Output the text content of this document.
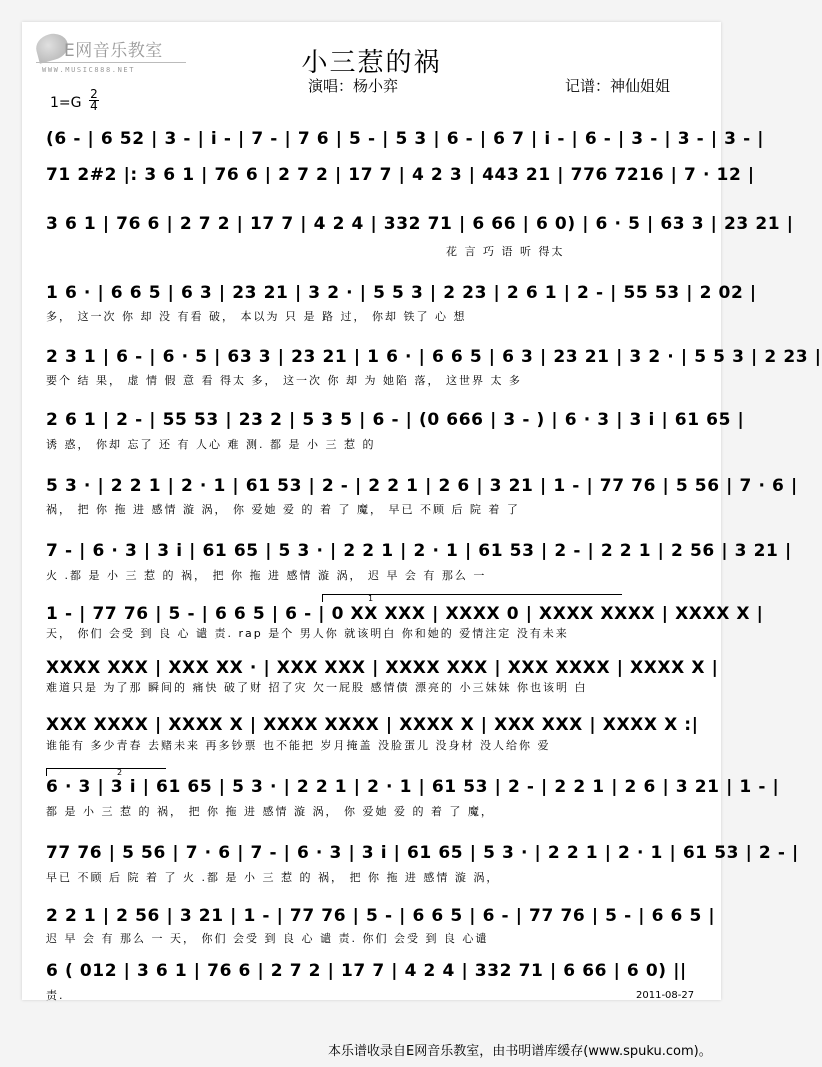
E网音乐教室
WWW.MUSIC888.NET	小三惹的祸
演唱：杨小弈	记谱：神仙姐姐
1=G
2
4
(6 - | 6 52 | 3 - | i - | 7 - | 7 6 | 5 - | 5 3 | 6 - | 6 7 | i - | 6 - | 3 - | 3 - | 3 - |
71 2#2 |: 3 6 1 | 76 6 | 2 7 2 | 17 7 | 4 2 3 | 443 21 | 776 7216 | 7 · 12 |
3 6 1 | 76 6 | 2 7 2 | 17 7 | 4 2 4 | 332 71 | 6 66 | 6 0) | 6 · 5 | 63 3 | 23 21 |
花 言 巧 语 听 得太
1 6 · | 6 6 5 | 6 3 | 23 21 | 3 2 · | 5 5 3 | 2 23 | 2 6 1 | 2 - | 55 53 | 2 02 |
多， 这一次 你 却 没 有看 破， 本以为 只 是 路 过， 你却 铁了 心 想
2 3 1 | 6 - | 6 · 5 | 63 3 | 23 21 | 1 6 · | 6 6 5 | 6 3 | 23 21 | 3 2 · | 5 5 3 | 2 23 |
要个 结 果， 虚 情 假 意 看 得太 多， 这一次 你 却 为 她陷 落， 这世界 太 多
2 6 1 | 2 - | 55 53 | 23 2 | 5 3 5 | 6 - | (0 666 | 3 - ) | 6 · 3 | 3 i | 61 65 |
诱 惑， 你却 忘了 还 有 人心 难 测. 都 是 小 三 惹 的
5 3 · | 2 2 1 | 2 · 1 | 61 53 | 2 - | 2 2 1 | 2 6 | 3 21 | 1 - | 77 76 | 5 56 | 7 · 6 |
祸， 把 你 拖 进 感情 漩 涡， 你 爱她 爱 的 着 了 魔， 早已 不顾 后 院 着 了
7 - | 6 · 3 | 3 i | 61 65 | 5 3 · | 2 2 1 | 2 · 1 | 61 53 | 2 - | 2 2 1 | 2 56 | 3 21 |
火 .都 是 小 三 惹 的 祸， 把 你 拖 进 感情 漩 涡， 迟 早 会 有 那么 一
1
1 - | 77 76 | 5 - | 6 6 5 | 6 - | 0 XX XXX | XXXX 0 | XXXX XXXX | XXXX X |
天， 你们 会受 到 良 心 谴 责. rap 是个 男人你 就该明白 你和她的 爱情注定 没有未来
XXXX XXX | XXX XX · | XXX XXX | XXXX XXX | XXX XXXX | XXXX X |
难道只是 为了那 瞬间的 痛快 破了财 招了灾 欠一屁股 感情债 漂亮的 小三妹妹 你也该明 白
XXX XXXX | XXXX X | XXXX XXXX | XXXX X | XXX XXX | XXXX X :|
谁能有 多少青春 去赌未来 再多钞票 也不能把 岁月掩盖 没脸蛋儿 没身材 没人给你 爱
2
6 · 3 | 3 i | 61 65 | 5 3 · | 2 2 1 | 2 · 1 | 61 53 | 2 - | 2 2 1 | 2 6 | 3 21 | 1 - |
都 是 小 三 惹 的 祸， 把 你 拖 进 感情 漩 涡， 你 爱她 爱 的 着 了 魔，
77 76 | 5 56 | 7 · 6 | 7 - | 6 · 3 | 3 i | 61 65 | 5 3 · | 2 2 1 | 2 · 1 | 61 53 | 2 - |
早已 不顾 后 院 着 了 火 .都 是 小 三 惹 的 祸， 把 你 拖 进 感情 漩 涡，
2 2 1 | 2 56 | 3 21 | 1 - | 77 76 | 5 - | 6 6 5 | 6 - | 77 76 | 5 - | 6 6 5 |
迟 早 会 有 那么 一 天， 你们 会受 到 良 心 谴 责. 你们 会受 到 良 心谴
6 ( 012 | 3 6 1 | 76 6 | 2 7 2 | 17 7 | 4 2 4 | 332 71 | 6 66 | 6 0) ||
责.	2011-08-27
本乐谱收录自E网音乐教室，由书明谱库缓存(www.spuku.com)。
